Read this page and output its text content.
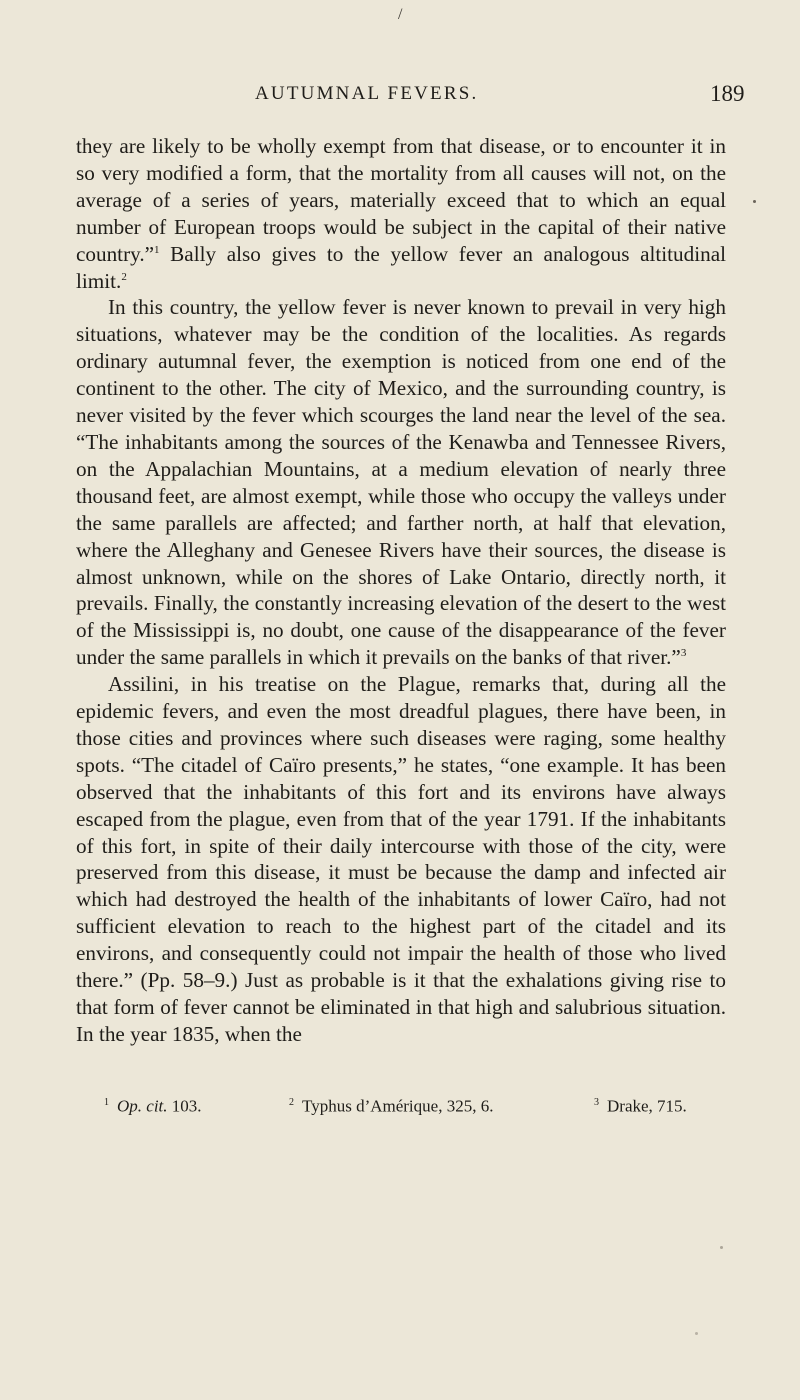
/
AUTUMNAL FEVERS.	189

they are likely to be wholly exempt from that disease, or to encounter it in so very modified a form, that the mortality from all causes will not, on the average of a series of years, materially exceed that to which an equal number of European troops would be subject in the capital of their native country.”$^1$ Bally also gives to the yellow fever an analogous altitudinal limit.$^2$

In this country, the yellow fever is never known to prevail in very high situations, whatever may be the condition of the localities. As regards ordinary autumnal fever, the exemption is noticed from one end of the continent to the other. The city of Mexico, and the surrounding country, is never visited by the fever which scourges the land near the level of the sea. “The inhabitants among the sources of the Kenawba and Tennessee Rivers, on the Appalachian Mountains, at a medium elevation of nearly three thousand feet, are almost exempt, while those who occupy the valleys under the same parallels are affected; and farther north, at half that elevation, where the Alleghany and Genesee Rivers have their sources, the disease is almost unknown, while on the shores of Lake Ontario, directly north, it prevails. Finally, the constantly increasing elevation of the desert to the west of the Mississippi is, no doubt, one cause of the disappearance of the fever under the same parallels in which it prevails on the banks of that river.”$^3$

Assilini, in his treatise on the Plague, remarks that, during all the epidemic fevers, and even the most dreadful plagues, there have been, in those cities and provinces where such diseases were raging, some healthy spots. “The citadel of Caïro presents,” he states, “one example. It has been observed that the inhabitants of this fort and its environs have always escaped from the plague, even from that of the year 1791. If the inhabitants of this fort, in spite of their daily intercourse with those of the city, were preserved from this disease, it must be because the damp and infected air which had destroyed the health of the inhabitants of lower Caïro, had not sufficient elevation to reach to the highest part of the citadel and its environs, and consequently could not impair the health of those who lived there.” (Pp. 58–9.) Just as probable is it that the exhalations giving rise to that form of fever cannot be eliminated in that high and salubrious situation. In the year 1835, when the

$^1$ Op. cit. 103.	$^2$ Typhus d’Amérique, 325, 6.	$^3$ Drake, 715.
